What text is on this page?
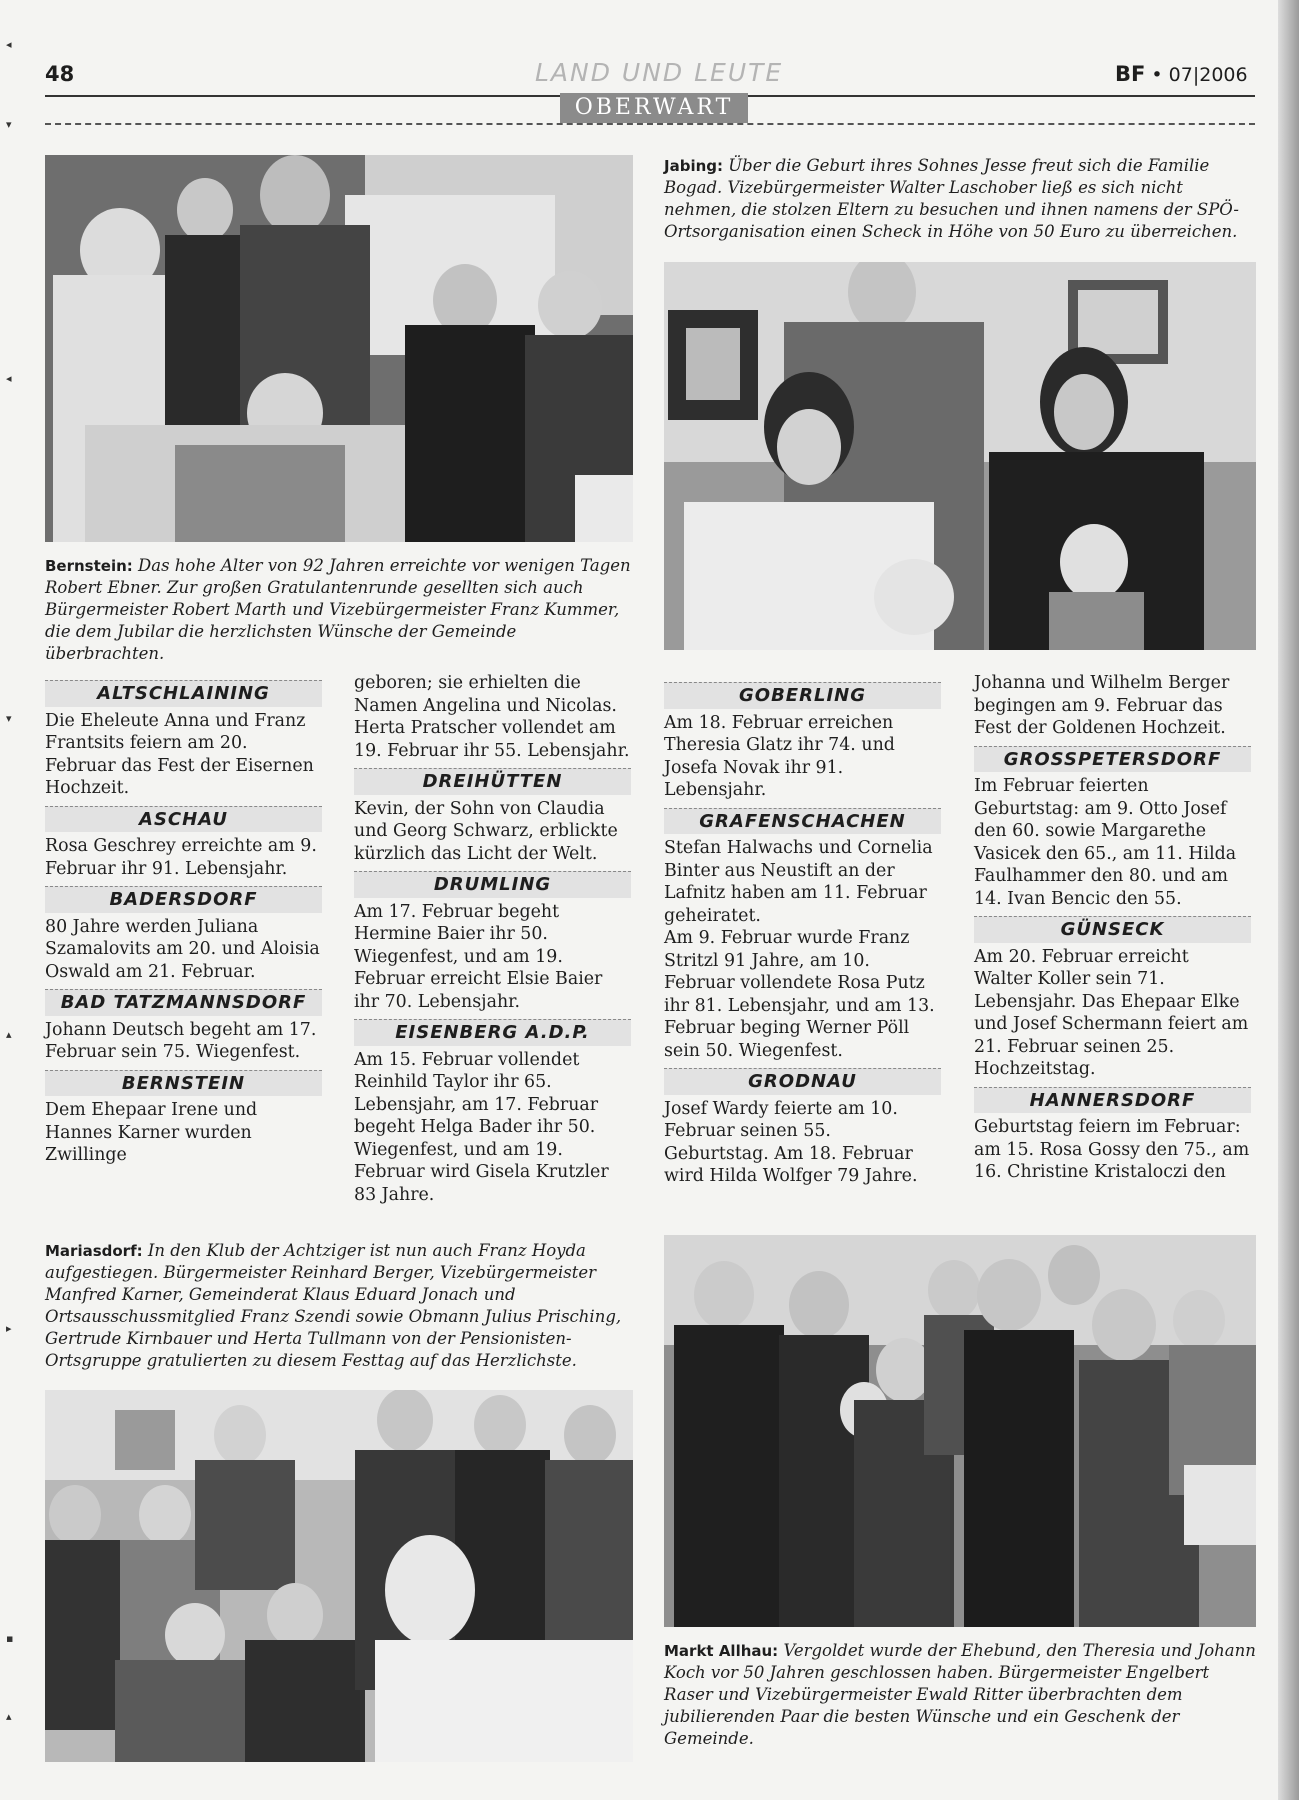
48	LAND UND LEUTE	BF • 07|2006
OBERWART
Bernstein: Das hohe Alter von 92 Jahren erreichte vor wenigen Tagen Robert Ebner. Zur großen Gratulantenrunde gesellten sich auch Bürgermeister Robert Marth und Vizebürgermeister Franz Kummer, die dem Jubilar die herzlichsten Wünsche der Gemeinde überbrachten.
Jabing: Über die Geburt ihres Sohnes Jesse freut sich die Familie Bogad. Vizebürgermeister Walter Laschober ließ es sich nicht nehmen, die stolzen Eltern zu besuchen und ihnen namens der SPÖ-Ortsorganisation einen Scheck in Höhe von 50 Euro zu überreichen.
ALTSCHLAINING

Die Eheleute Anna und Franz Frantsits feiern am 20. Februar das Fest der Eisernen Hochzeit.

ASCHAU

Rosa Geschrey erreichte am 9. Februar ihr 91. Lebensjahr.

BADERSDORF

80 Jahre werden Juliana Szamalovits am 20. und Aloisia Oswald am 21. Februar.

BAD TATZMANNSDORF

Johann Deutsch begeht am 17. Februar sein 75. Wiegenfest.

BERNSTEIN

Dem Ehepaar Irene und Hannes Karner wurden Zwillinge

geboren; sie erhielten die Namen Angelina und Nicolas. Herta Pratscher vollendet am 19. Februar ihr 55. Lebensjahr.

DREIHÜTTEN

Kevin, der Sohn von Claudia und Georg Schwarz, erblickte kürzlich das Licht der Welt.

DRUMLING

Am 17. Februar begeht Hermine Baier ihr 50. Wiegenfest, und am 19. Februar erreicht Elsie Baier ihr 70. Lebensjahr.

EISENBERG A.D.P.

Am 15. Februar vollendet Reinhild Taylor ihr 65. Lebensjahr, am 17. Februar begeht Helga Bader ihr 50. Wiegenfest, und am 19. Februar wird Gisela Krutzler 83 Jahre.

GOBERLING

Am 18. Februar erreichen Theresia Glatz ihr 74. und Josefa Novak ihr 91. Lebensjahr.

GRAFENSCHACHEN

Stefan Halwachs und Cornelia Binter aus Neustift an der Lafnitz haben am 11. Februar geheiratet.

Am 9. Februar wurde Franz Stritzl 91 Jahre, am 10. Februar vollendete Rosa Putz ihr 81. Lebensjahr, und am 13. Februar beging Werner Pöll sein 50. Wiegenfest.

GRODNAU

Josef Wardy feierte am 10. Februar seinen 55. Geburtstag. Am 18. Februar wird Hilda Wolfger 79 Jahre.

Johanna und Wilhelm Berger begingen am 9. Februar das Fest der Goldenen Hochzeit.

GROSSPETERSDORF

Im Februar feierten Geburtstag: am 9. Otto Josef den 60. sowie Margarethe Vasicek den 65., am 11. Hilda Faulhammer den 80. und am 14. Ivan Bencic den 55.

GÜNSECK

Am 20. Februar erreicht Walter Koller sein 71. Lebensjahr. Das Ehepaar Elke und Josef Schermann feiert am 21. Februar seinen 25. Hochzeitstag.

HANNERSDORF

Geburtstag feiern im Februar: am 15. Rosa Gossy den 75., am 16. Christine Kristaloczi den

Mariasdorf: In den Klub der Achtziger ist nun auch Franz Hoyda aufgestiegen. Bürgermeister Reinhard Berger, Vizebürgermeister Manfred Karner, Gemeinderat Klaus Eduard Jonach und Ortsausschussmitglied Franz Szendi sowie Obmann Julius Prisching, Gertrude Kirnbauer und Herta Tullmann von der Pensionisten-Ortsgruppe gratulierten zu diesem Festtag auf das Herzlichste.
Markt Allhau: Vergoldet wurde der Ehebund, den Theresia und Johann Koch vor 50 Jahren geschlossen haben. Bürgermeister Engelbert Raser und Vizebürgermeister Ewald Ritter überbrachten dem jubilierenden Paar die besten Wünsche und ein Geschenk der Gemeinde.
◂
▾
◂
▾
▴
▸
▪
▴
